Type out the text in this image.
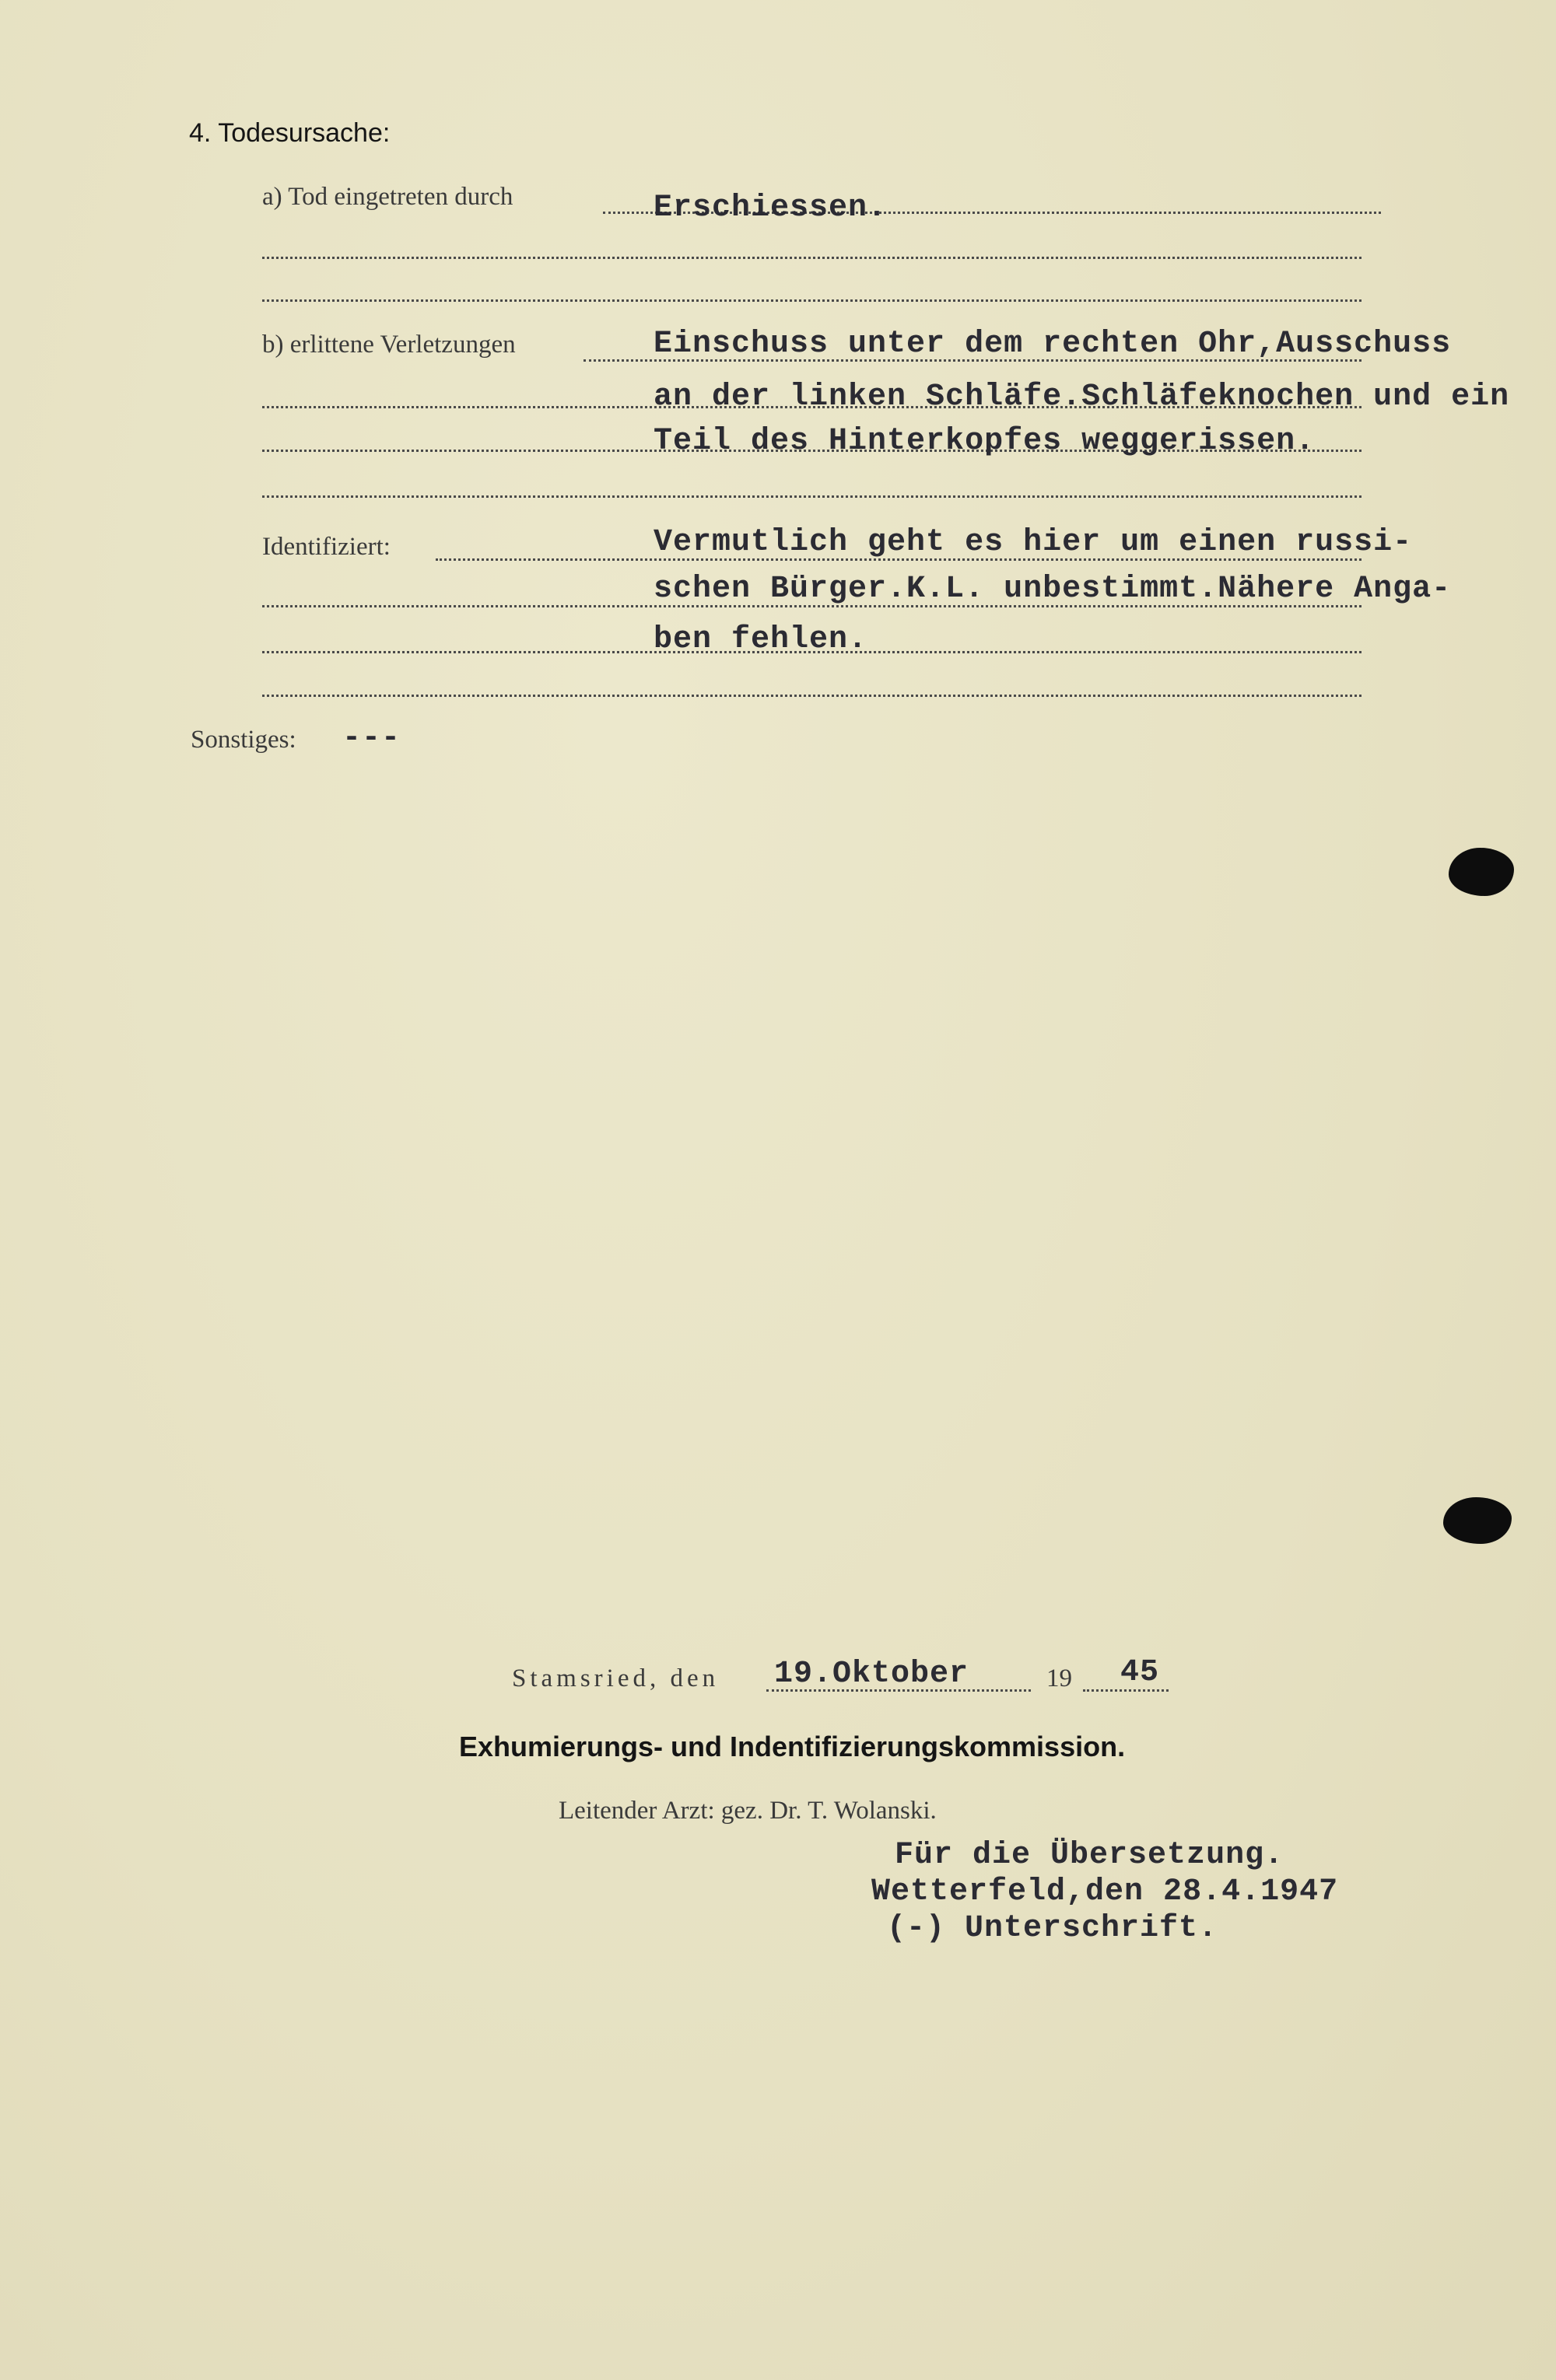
4. Todesursache:
a) Tod eingetreten durch	Erschiessen.
b) erlittene Verletzungen	Einschuss unter dem rechten Ohr,Ausschuss
an der linken Schläfe.Schläfeknochen und ein
Teil des Hinterkopfes weggerissen.
Identifiziert:	Vermutlich geht es hier um einen russi-
schen Bürger.K.L. unbestimmt.Nähere Anga-
ben fehlen.
Sonstiges: ---
Stamsried, den 19.Oktober	19 45
Exhumierungs- und Indentifizierungskommission.
Leitender Arzt: gez. Dr. T. Wolanski.
Für die Übersetzung.
Wetterfeld,den 28.4.1947
(-) Unterschrift.
